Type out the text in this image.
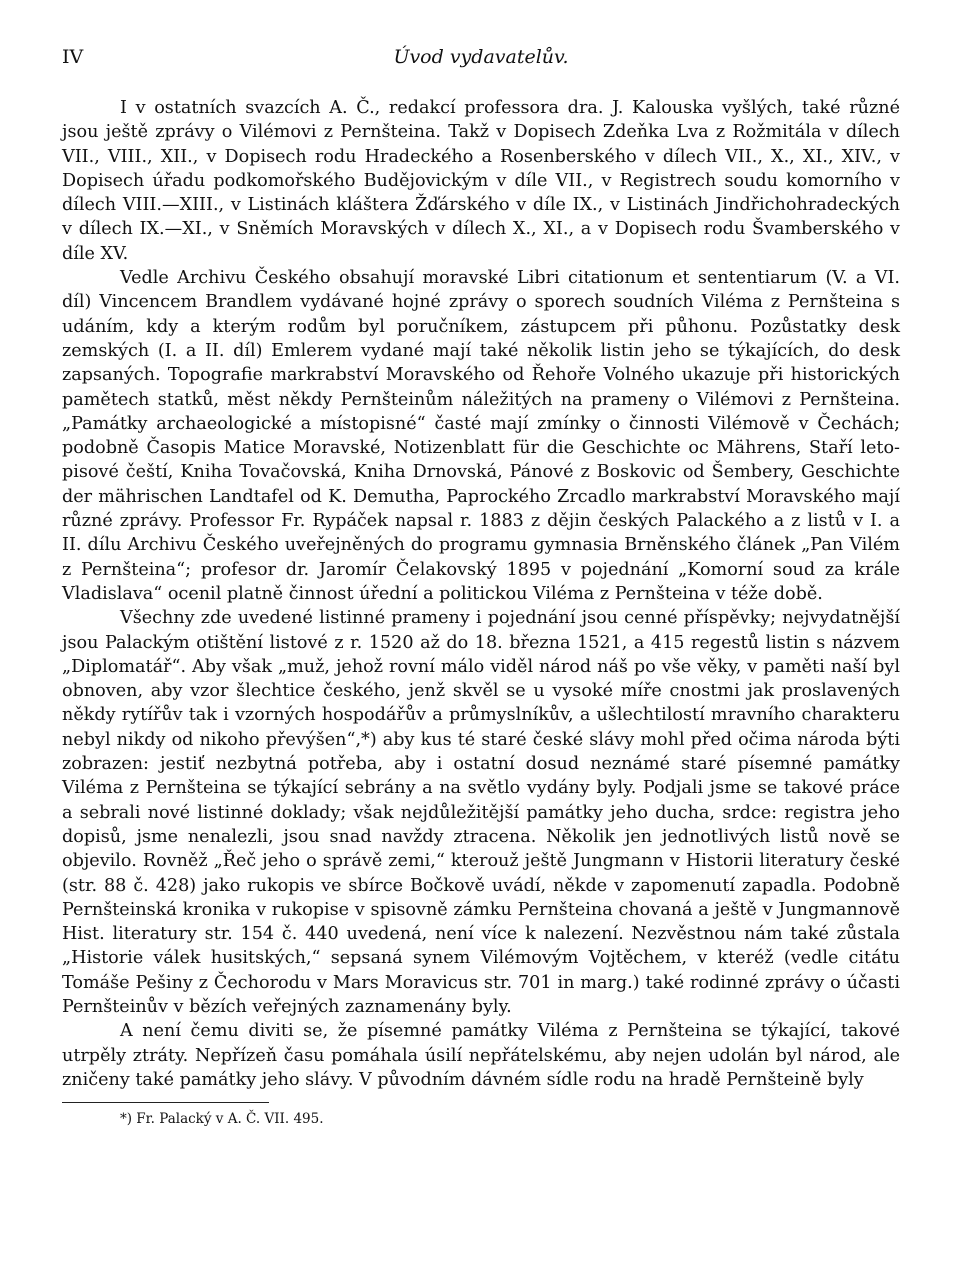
IV	Úvod vydavatelův.

I v ostatních svazcích A. Č., redakcí professora dra. J. Kalouska vyšlých, také různé jsou ještě zprávy o Vilémovi z Pernšteina. Takž v Dopisech Zdeňka Lva z Rožmitála v dílech VII., VIII., XII., v Dopisech rodu Hradeckého a Rosenberského v dílech VII., X., XI., XIV., v Dopisech úřadu podkomořského Budějovickým v díle VII., v Registrech soudu komorního v dílech VIII.—XIII., v Listinách kláštera Žďárského v díle IX., v Listinách Jindřichohradeckých v dílech IX.—XI., v Sněmích Moravských v dílech X., XI., a v Dopisech rodu Švamberského v díle XV.

Vedle Archivu Českého obsahují moravské Libri citationum et sententiarum (V. a VI. díl) Vincencem Brandlem vydávané hojné zprávy o sporech soudních Viléma z Pernšteina s udáním, kdy a kterým rodům byl poručníkem, zástupcem při půhonu. Pozůstatky desk zemských (I. a II. díl) Emlerem vydané mají také několik listin jeho se týkajících, do desk zapsaných. Topografie markrabství Moravského od Řehoře Volného ukazuje při historických pamětech statků, měst někdy Pernšteinům náležitých na prameny o Vilémovi z Pernšteina. „Památky archaeologické a místopisné“ časté mají zmínky o činnosti Vilémově v Čechách; podobně Časopis Matice Moravské, Notizenblatt für die Geschichte oc Mährens, Staří letopisové čeští, Kniha Tovačovská, Kniha Drnovská, Pánové z Boskovic od Šembery, Geschichte der mährischen Landtafel od K. Demutha, Paprockého Zrcadlo markrabství Moravského mají různé zprávy. Professor Fr. Rypáček napsal r. 1883 z dějin českých Palackého a z listů v I. a II. dílu Archivu Českého uveřejněných do programu gymnasia Brněnského článek „Pan Vilém z Pernšteina“; profesor dr. Jaromír Čelakovský 1895 v pojednání „Komorní soud za krále Vladislava“ ocenil platně činnost úřední a politickou Viléma z Pernšteina v téže době.

Všechny zde uvedené listinné prameny i pojednání jsou cenné příspěvky; nejvydatnější jsou Palackým otištění listové z r. 1520 až do 18. března 1521, a 415 regestů listin s názvem „Diplomatář“. Aby však „muž, jehož rovní málo viděl národ náš po vše věky, v paměti naší byl obnoven, aby vzor šlechtice českého, jenž skvěl se u vysoké míře cnostmi jak proslavených někdy rytířův tak i vzorných hospodářův a průmyslníkův, a ušlechtilostí mravního charakteru nebyl nikdy od nikoho převýšen“,*) aby kus té staré české slávy mohl před očima národa býti zobrazen: jestiť nezbytná potřeba, aby i ostatní dosud neznámé staré písemné památky Viléma z Pernšteina se týkající sebrány a na světlo vydány byly. Podjali jsme se takové práce a sebrali nové listinné doklady; však nejdůležitější památky jeho ducha, srdce: registra jeho dopisů, jsme nenalezli, jsou snad navždy ztracena. Několik jen jednotlivých listů nově se objevilo. Rovněž „Řeč jeho o správě zemi,“ kterouž ještě Jungmann v Historii literatury české (str. 88 č. 428) jako rukopis ve sbírce Bočkově uvádí, někde v zapomenutí zapadla. Podobně Pernšteinská kronika v rukopise v spisovně zámku Pernšteina chovaná a ještě v Jungmannově Hist. literatury str. 154 č. 440 uvedená, není více k nalezení. Nezvěstnou nám také zůstala „Historie válek husitských,“ sepsaná synem Vilémovým Vojtěchem, v kteréž (vedle citátu Tomáše Pešiny z Čechorodu v Mars Moravicus str. 701 in marg.) také rodinné zprávy o účasti Pernšteinův v bězích veřejných zaznamenány byly.

A není čemu diviti se, že písemné památky Viléma z Pernšteina se týkající, takové utrpěly ztráty. Nepřízeň času pomáhala úsilí nepřátelskému, aby nejen udolán byl národ, ale zničeny také památky jeho slávy. V původním dávném sídle rodu na hradě Pernšteině byly

*) Fr. Palacký v A. Č. VII. 495.
